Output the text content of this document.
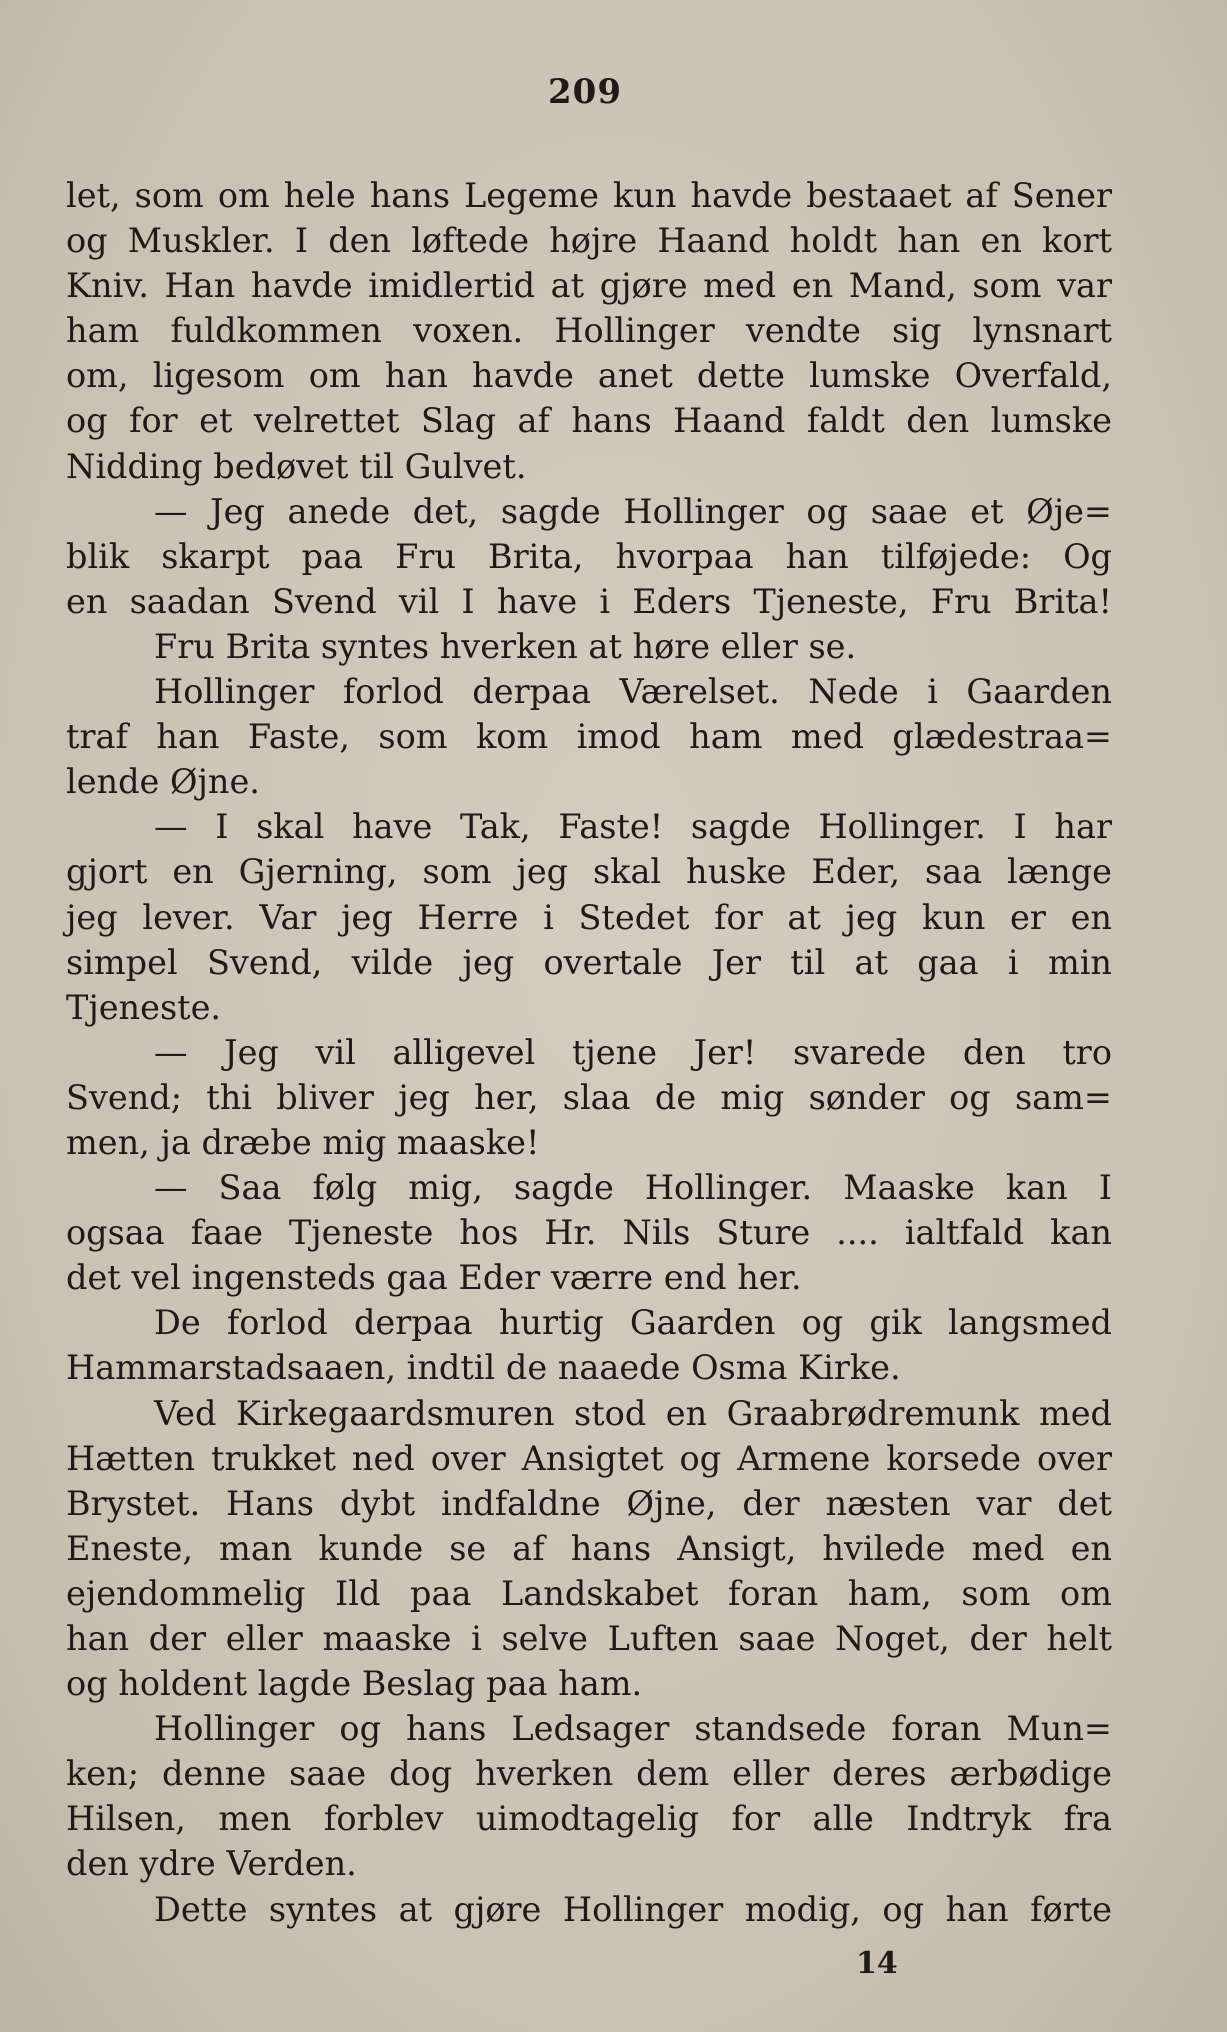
209
let, som om hele hans Legeme kun havde bestaaet af Sener
og Muskler. I den løftede højre Haand holdt han en kort
Kniv. Han havde imidlertid at gjøre med en Mand, som var
ham fuldkommen voxen. Hollinger vendte sig lynsnart
om, ligesom om han havde anet dette lumske Overfald,
og for et velrettet Slag af hans Haand faldt den lumske
Nidding bedøvet til Gulvet.
— Jeg anede det, sagde Hollinger og saae et Øje=
blik skarpt paa Fru Brita, hvorpaa han tilføjede: Og
en saadan Svend vil I have i Eders Tjeneste, Fru Brita!
Fru Brita syntes hverken at høre eller se.
Hollinger forlod derpaa Værelset. Nede i Gaarden
traf han Faste, som kom imod ham med glædestraa=
lende Øjne.
— I skal have Tak, Faste! sagde Hollinger. I har
gjort en Gjerning, som jeg skal huske Eder, saa længe
jeg lever. Var jeg Herre i Stedet for at jeg kun er en
simpel Svend, vilde jeg overtale Jer til at gaa i min
Tjeneste.
— Jeg vil alligevel tjene Jer! svarede den tro
Svend; thi bliver jeg her, slaa de mig sønder og sam=
men, ja dræbe mig maaske!
— Saa følg mig, sagde Hollinger. Maaske kan I
ogsaa faae Tjeneste hos Hr. Nils Sture .... ialtfald kan
det vel ingensteds gaa Eder værre end her.
De forlod derpaa hurtig Gaarden og gik langsmed
Hammarstadsaaen, indtil de naaede Osma Kirke.
Ved Kirkegaardsmuren stod en Graabrødremunk med
Hætten trukket ned over Ansigtet og Armene korsede over
Brystet. Hans dybt indfaldne Øjne, der næsten var det
Eneste, man kunde se af hans Ansigt, hvilede med en
ejendommelig Ild paa Landskabet foran ham, som om
han der eller maaske i selve Luften saae Noget, der helt
og holdent lagde Beslag paa ham.
Hollinger og hans Ledsager standsede foran Mun=
ken; denne saae dog hverken dem eller deres ærbødige
Hilsen, men forblev uimodtagelig for alle Indtryk fra
den ydre Verden.
Dette syntes at gjøre Hollinger modig, og han førte
14
